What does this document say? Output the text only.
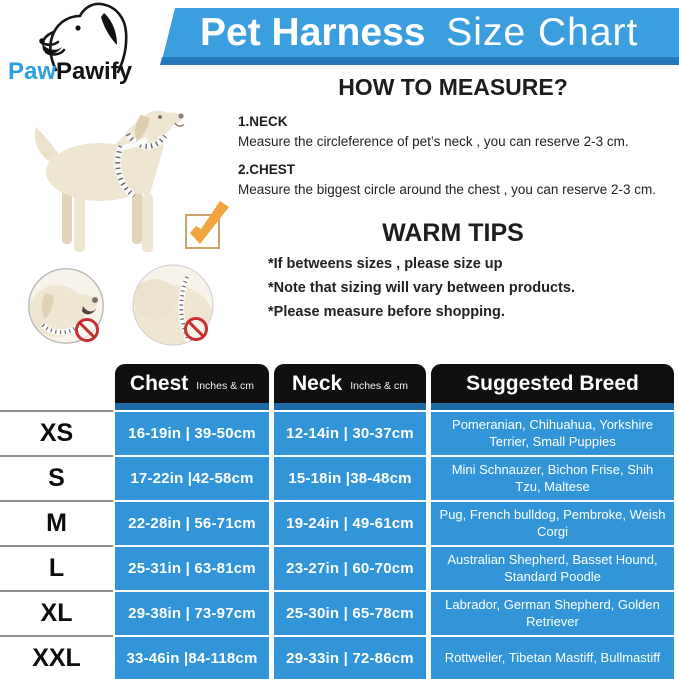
Pet Harness Size Chart
PawPawify
HOW TO MEASURE?
1.NECK
Measure the circleference of pet’s neck , you can reserve 2-3 cm.
2.CHEST
Measure the biggest circle around the chest , you can reserve 2-3 cm.
WARM TIPS
*If betweens sizes , please size up
*Note that sizing will vary between products.
*Please measure before shopping.
XS
S
M
L
XL
XXL
Chest Inches & cm
16-19in | 39-50cm
17-22in |42-58cm
22-28in | 56-71cm
25-31in | 63-81cm
29-38in | 73-97cm
33-46in |84-118cm
Neck Inches & cm
12-14in | 30-37cm
15-18in |38-48cm
19-24in | 49-61cm
23-27in | 60-70cm
25-30in | 65-78cm
29-33in | 72-86cm
Suggested Breed
Pomeranian, Chihuahua, Yorkshire Terrier, Small Puppies
Mini Schnauzer, Bichon Frise, Shih Tzu, Maltese
Pug, French bulldog, Pembroke, Weish Corgi
Australian Shepherd, Basset Hound, Standard Poodle
Labrador, German Shepherd, Golden Retriever
Rottweiler, Tibetan Mastiff, Bullmastiff
